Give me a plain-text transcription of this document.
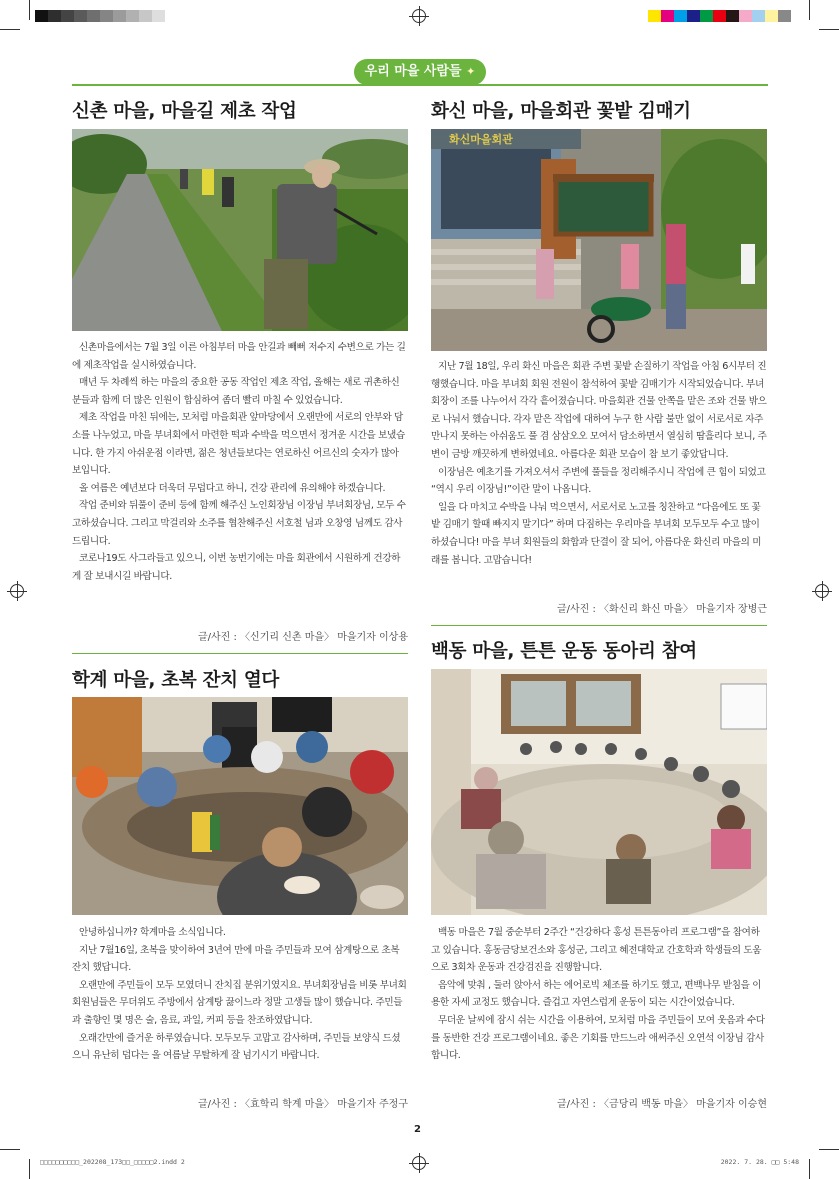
우리 마을 사람들 ✦
신촌 마을, 마을길 제초 작업

신촌마을에서는 7월 3일 이른 아침부터 마을 안길과 빼뻐 저수지 수변으로 가는 길에 제초작업을 실시하였습니다.

매년 두 차례씩 하는 마을의 중요한 공동 작업인 제초 작업, 올해는 새로 귀촌하신 분들과 함께 더 많은 인원이 합심하여 좀더 빨리 마칠 수 있었습니다.

제초 작업을 마친 뒤에는, 모처럼 마을회관 앞마당에서 오랜만에 서로의 안부와 담소를 나누었고, 마을 부녀회에서 마련한 떡과 수박을 먹으면서 정겨운 시간을 보냈습니다. 한 가지 아쉬운점 이라면, 젊은 청년들보다는 연로하신 어르신의 숫자가 많아 보입니다.

올 여름은 예년보다 더욱더 무덥다고 하니, 건강 관리에 유의해야 하겠습니다.

작업 준비와 뒤풀이 준비 등에 함께 해주신 노인회장님 이장님 부녀회장님, 모두 수고하셨습니다. 그리고 막걸리와 소주를 협찬해주신 서호철 님과 오창영 님께도 감사드립니다.

코로나19도 사그라들고 있으니, 이번 농번기에는 마을 회관에서 시원하게 건강하게 잘 보내시길 바랍니다.

글/사진 : 〈신기리 신촌 마을〉 마을기자 이상용
화신 마을, 마을회관 꽃밭 김매기
화신마을회관

지난 7월 18일, 우리 화신 마을은 회관 주변 꽃밭 손질하기 작업을 아침 6시부터 진행했습니다. 마을 부녀회 회원 전원이 참석하여 꽃밭 김매기가 시작되었습니다. 부녀회장이 조를 나누어서 각각 흩어졌습니다. 마을회관 건물 안쪽을 맡은 조와 건물 밖으로 나눠서 했습니다. 각자 맡은 작업에 대하여 누구 한 사람 불만 없이 서로서로 자주 만나지 못하는 아쉬움도 풀 겸 삼삼오오 모여서 담소하면서 열심히 땀흘리다 보니, 주변이 금방 깨끗하게 변하였네요. 아름다운 회관 모습이 참 보기 좋았답니다.

이장님은 예초기를 가져오셔서 주변에 풀들을 정리해주시니 작업에 큰 힘이 되었고 “역시 우리 이장님!”이란 말이 나옵니다.

일을 다 마치고 수박을 나눠 먹으면서, 서로서로 노고를 칭찬하고 “다음에도 또 꽃밭 김매기 할때 빠지지 말기다” 하며 다짐하는 우리마을 부녀회 모두모두 수고 많이 하셨습니다! 마을 부녀 회원들의 화합과 단결이 잘 되어, 아름다운 화신리 마을의 미래를 봅니다. 고맙습니다!

글/사진 : 〈화신리 화신 마을〉 마을기자 장병근
학계 마을, 초복 잔치 열다

안녕하십니까? 학계마을 소식입니다.

지난 7월16일, 초복을 맞이하여 3년여 만에 마을 주민들과 모여 삼계탕으로 초복 잔치 했답니다.

오랜만에 주민들이 모두 모였더니 잔치집 분위기였지요. 부녀회장님을 비롯 부녀회 회원님들은 무더위도 주방에서 삼계탕 끓이느라 정말 고생들 많이 했습니다. 주민들과 출향인 몇 명은 술, 음료, 과일, 커피 등을 찬조하였답니다.

오래간만에 즐거운 하루였습니다. 모두모두 고맙고 감사하며, 주민들 보양식 드셨으니 유난히 덥다는 올 여름날 무탈하게 잘 넘기시기 바랍니다.

글/사진 : 〈효학리 학계 마을〉 마을기자 주정구
백동 마을, 튼튼 운동 동아리 참여

백동 마을은 7월 중순부터 2주간 “건강하다 홍성 튼튼동아리 프로그램”을 참여하고 있습니다. 홍동금당보건소와 홍성군, 그리고 혜전대학교 간호학과 학생들의 도움으로 3회차 운동과 건강검진을 진행합니다.

음악에 맞춰 , 둘러 앉아서 하는 에어로빅 체조를 하기도 했고, 편백나무 받침을 이용한 자세 교정도 했습니다. 즐겁고 자연스럽게 운동이 되는 시간이었습니다.

무더운 날씨에 잠시 쉬는 시간을 이용하여, 모처럼 마을 주민들이 모여 웃음과 수다를 동반한 건강 프로그램이네요. 좋은 기회를 만드느라 애써주신 오연석 이장님 감사합니다.

글/사진 : 〈금당리 백동 마을〉 마을기자 이승현
2
□□□□□□□□□□_202208_173□□_□□□□□2.indd 2	2022. 7. 28. □□ 5:48
